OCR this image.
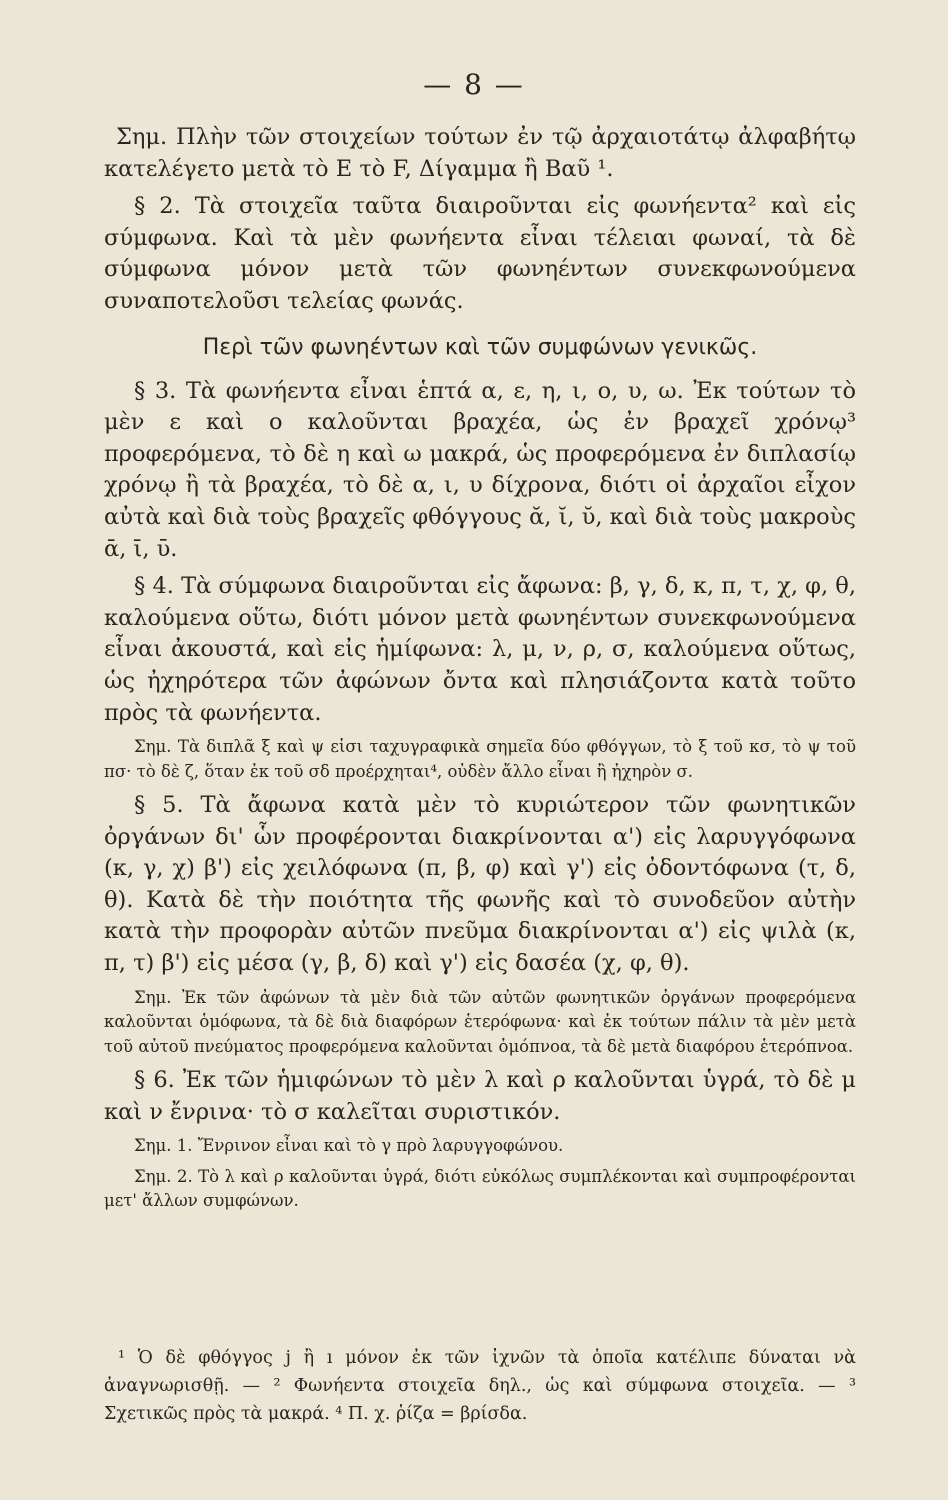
— 8 —

Σημ. Πλὴν τῶν στοιχείων τούτων ἐν τῷ ἀρχαιοτάτῳ ἀλφαβήτῳ κατελέγετο μετὰ τὸ Ε τὸ F, Δίγαμμα ἢ Βαῦ ¹.

§ 2. Τὰ στοιχεῖα ταῦτα διαιροῦνται εἰς φωνήεντα² καὶ εἰς σύμφωνα. Καὶ τὰ μὲν φωνήεντα εἶναι τέλειαι φωναί, τὰ δὲ σύμφωνα μόνον μετὰ τῶν φωνηέντων συνεκφωνούμενα συναποτελοῦσι τελείας φωνάς.

Περὶ τῶν φωνηέντων καὶ τῶν συμφώνων γενικῶς.

§ 3. Τὰ φωνήεντα εἶναι ἑπτά α, ε, η, ι, ο, υ, ω. Ἐκ τούτων τὸ μὲν ε καὶ ο καλοῦνται βραχέα, ὡς ἐν βραχεῖ χρόνῳ³ προφερόμενα, τὸ δὲ η καὶ ω μακρά, ὡς προφερόμενα ἐν διπλασίῳ χρόνῳ ἢ τὰ βραχέα, τὸ δὲ α, ι, υ δίχρονα, διότι οἱ ἀρχαῖοι εἶχον αὐτὰ καὶ διὰ τοὺς βραχεῖς φθόγγους ᾰ, ῐ, ῠ, καὶ διὰ τοὺς μακροὺς ᾱ, ῑ, ῡ.

§ 4. Τὰ σύμφωνα διαιροῦνται εἰς ἄφωνα: β, γ, δ, κ, π, τ, χ, φ, θ, καλούμενα οὕτω, διότι μόνον μετὰ φωνηέντων συνεκφωνούμενα εἶναι ἀκουστά, καὶ εἰς ἡμίφωνα: λ, μ, ν, ρ, σ, καλούμενα οὕτως, ὡς ἠχηρότερα τῶν ἀφώνων ὄντα καὶ πλησιάζοντα κατὰ τοῦτο πρὸς τὰ φωνήεντα.

Σημ. Τὰ διπλᾶ ξ καὶ ψ εἰσι ταχυγραφικὰ σημεῖα δύο φθόγγων, τὸ ξ τοῦ κσ, τὸ ψ τοῦ πσ· τὸ δὲ ζ, ὅταν ἐκ τοῦ σδ προέρχηται⁴, οὐδὲν ἄλλο εἶναι ἢ ἠχηρὸν σ.

§ 5. Τὰ ἄφωνα κατὰ μὲν τὸ κυριώτερον τῶν φωνητικῶν ὀργάνων δι' ὧν προφέρονται διακρίνονται α') εἰς λαρυγγόφωνα (κ, γ, χ) β') εἰς χειλόφωνα (π, β, φ) καὶ γ') εἰς ὀδοντόφωνα (τ, δ, θ). Κατὰ δὲ τὴν ποιότητα τῆς φωνῆς καὶ τὸ συνοδεῦον αὐτὴν κατὰ τὴν προφορὰν αὐτῶν πνεῦμα διακρίνονται α') εἰς ψιλὰ (κ, π, τ) β') εἰς μέσα (γ, β, δ) καὶ γ') εἰς δασέα (χ, φ, θ).

Σημ. Ἐκ τῶν ἀφώνων τὰ μὲν διὰ τῶν αὐτῶν φωνητικῶν ὀργάνων προφερόμενα καλοῦνται ὁμόφωνα, τὰ δὲ διὰ διαφόρων ἑτερόφωνα· καὶ ἐκ τούτων πάλιν τὰ μὲν μετὰ τοῦ αὐτοῦ πνεύματος προφερόμενα καλοῦνται ὁμόπνοα, τὰ δὲ μετὰ διαφόρου ἑτερόπνοα.

§ 6. Ἐκ τῶν ἡμιφώνων τὸ μὲν λ καὶ ρ καλοῦνται ὑγρά, τὸ δὲ μ καὶ ν ἔνρινα· τὸ σ καλεῖται συριστικόν.

Σημ. 1. Ἔνρινον εἶναι καὶ τὸ γ πρὸ λαρυγγοφώνου.

Σημ. 2. Τὸ λ καὶ ρ καλοῦνται ὑγρά, διότι εὐκόλως συμπλέκονται καὶ συμπροφέρονται μετ' ἄλλων συμφώνων.

¹ Ὁ δὲ φθόγγος j ἢ ı μόνον ἐκ τῶν ἰχνῶν τὰ ὁποῖα κατέλιπε δύναται νὰ ἀναγνωρισθῇ. — ² Φωνήεντα στοιχεῖα δηλ., ὡς καὶ σύμφωνα στοιχεῖα. — ³ Σχετικῶς πρὸς τὰ μακρά. ⁴ Π. χ. ῥίζα = βρίσδα.
